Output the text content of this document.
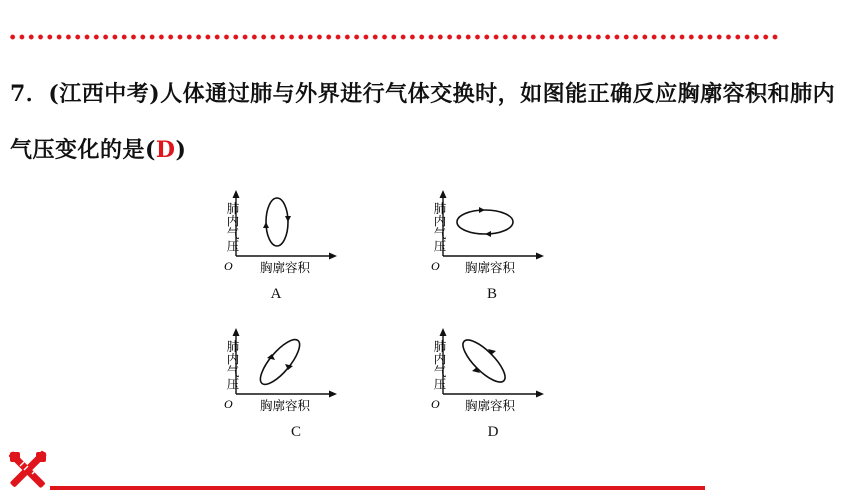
7．(江西中考)人体通过肺与外界进行气体交换时，如图能正确反应胸廓容积和肺内气压变化的是(D)
肺内气压
O 胸廓容积
A
肺内气压
O 胸廓容积
B
肺内气压
O 胸廓容积
C
肺内气压
O 胸廓容积
D
